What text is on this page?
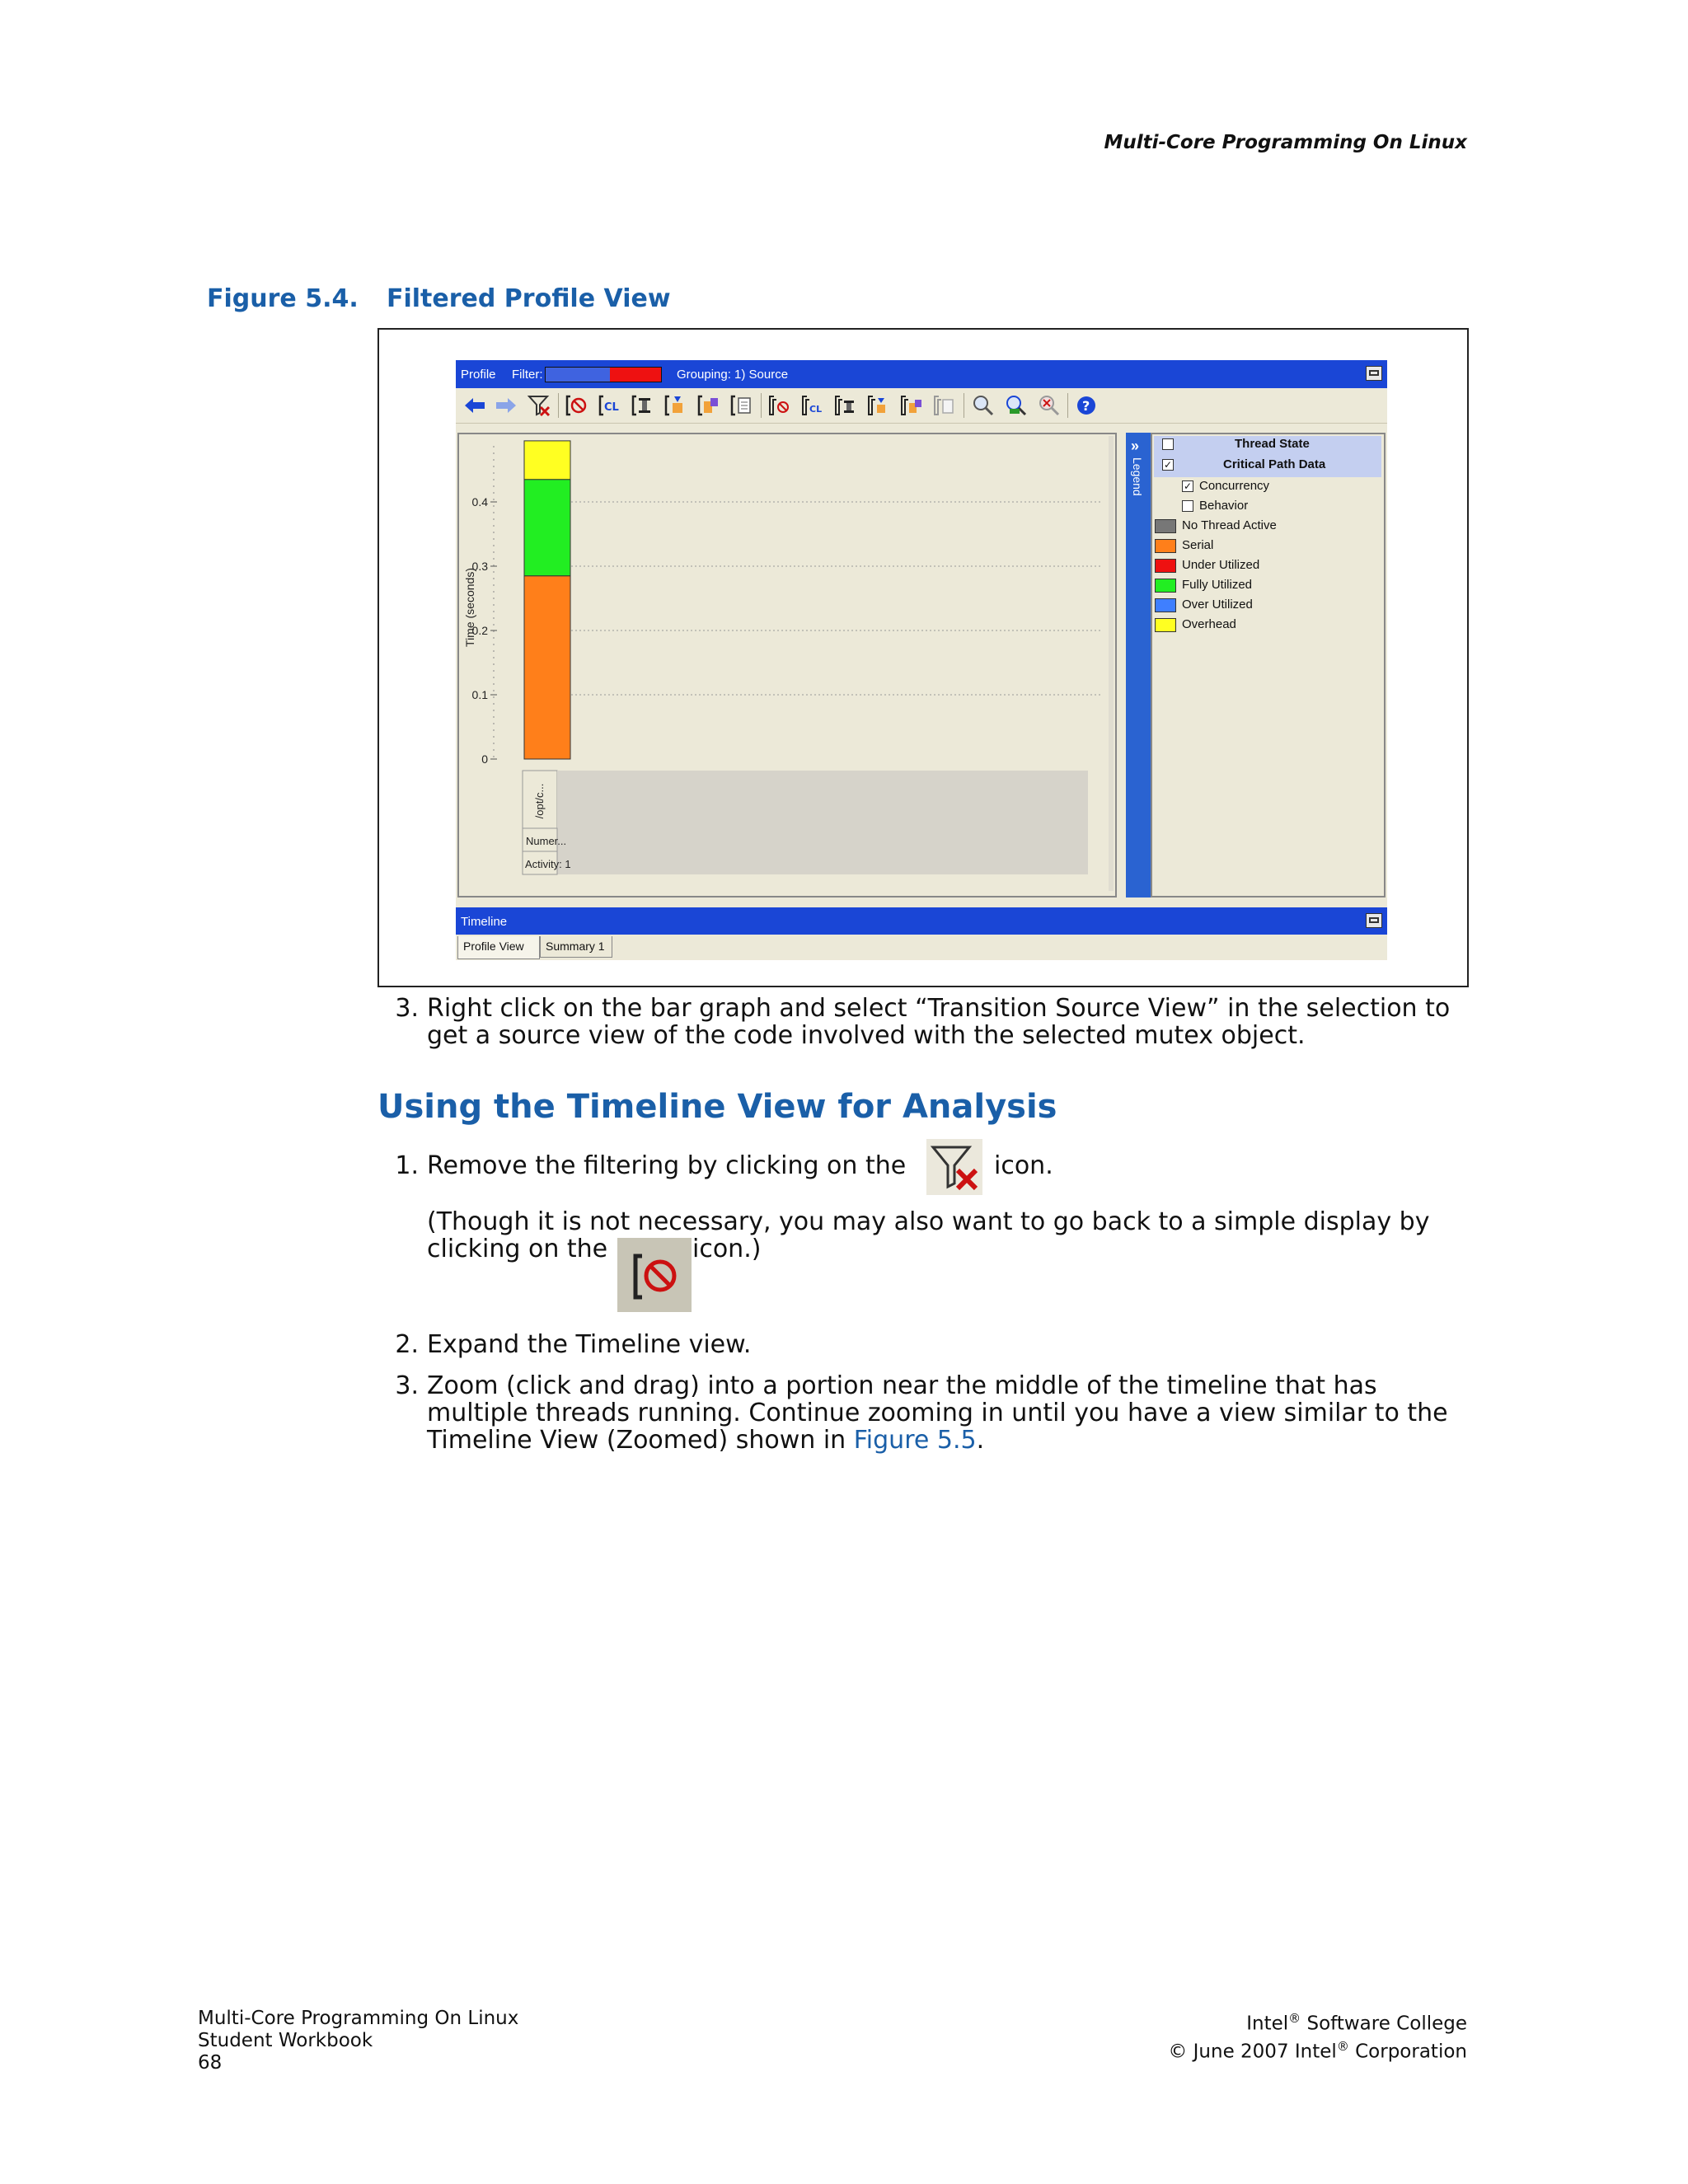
Multi-Core Programming On Linux
Figure 5.4. Filtered Profile View
Profile Filter:	Grouping: 1) Source
CL	CL	?
0
0.1
0.2
0.3
0.4
Time (seconds)
/opt/c...
Numer...
Activity: 1
»
Legend
Thread State
✓	Critical Path Data
✓ Concurrency
Behavior
No Thread Active
Serial
Under Utilized
Fully Utilized
Over Utilized
Overhead
Timeline
Profile View	Summary 1
3. Right click on the bar graph and select “Transition Source View” in the selection to
get a source view of the code involved with the selected mutex object.
Using the Timeline View for Analysis
1. Remove the filtering by clicking on the	icon.
(Though it is not necessary, you may also want to go back to a simple display by
clicking on the	icon.)
2. Expand the Timeline view.
3. Zoom (click and drag) into a portion near the middle of the timeline that has
multiple threads running. Continue zooming in until you have a view similar to the
Timeline View (Zoomed) shown in Figure 5.5.
Multi-Core Programming On Linux
Student Workbook
68
Intel® Software College
© June 2007 Intel® Corporation
